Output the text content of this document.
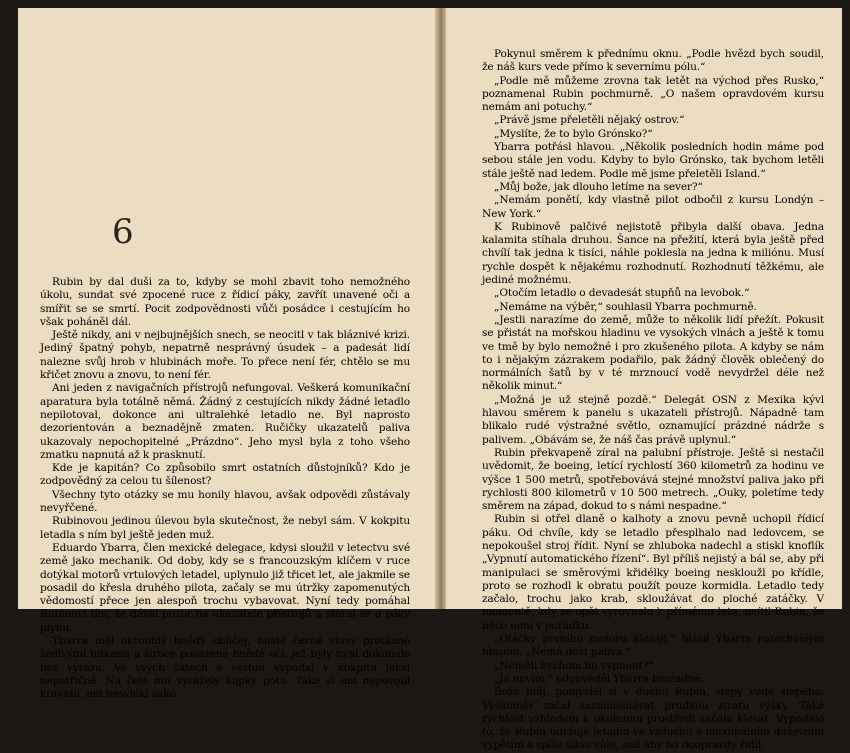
6

Rubin by dal duši za to, kdyby se mohl zbavit toho nemožného úkolu, sundat své zpocené ruce z řídicí páky, zavřít unavené oči a smířit se se smrtí. Pocit zodpovědnosti vůči posádce i cestujícím ho však poháněl dál.

Ještě nikdy, ani v nejbujnějších snech, se neocitl v tak bláznivé krizi. Jediný špatný pohyb, nepatrně nesprávný úsudek – a padesát lidí nalezne svůj hrob v hlubinách moře. To přece není fér, chtělo se mu křičet znovu a znovu, to není fér.

Ani jeden z navigačních přístrojů nefungoval. Veškerá komunikační aparatura byla totálně němá. Žádný z cestujících nikdy žádné letadlo nepilotoval, dokonce ani ultralehké letadlo ne. Byl naprosto dezorientován a beznadějně zmaten. Ručičky ukazatelů paliva ukazovaly nepochopitelné „Prázdno“. Jeho mysl byla z toho všeho zmatku napnutá až k prasknutí.

Kde je kapitán? Co způsobilo smrt ostatních důstojníků? Kdo je zodpovědný za celou tu šílenost?

Všechny tyto otázky se mu honily hlavou, avšak odpovědi zůstávaly nevyřčené.

Rubinovou jedinou úlevou byla skutečnost, že nebyl sám. V kokpitu letadla s ním byl ještě jeden muž.

Eduardo Ybarra, člen mexické delegace, kdysi sloužil v letectvu své země jako mechanik. Od doby, kdy se s francouzským klíčem v ruce dotýkal motorů vrtulových letadel, uplynulo již třicet let, ale jakmile se posadil do křesla druhého pilota, začaly se mu útržky zapomenutých vědomostí přece jen alespoň trochu vybavovat. Nyní tedy pomáhal Rubinovi tím, že dával pozor na ukazatele přístrojů a staral se o páky plynu.

Ybarra měl okrouhlý hnědý obličej, husté černé vlasy protkané šedivými nitkami a široce posazené hnědé oči, jež byly nyní dokonale bez výrazu. Ve svých šatech s vestou vypadal v kokpitu jaksi nepatřičně. Na čele mu vyrážely kapky potu. Také si ani nepovolil kravatu, ani nesvlékl sako.

Pokynul směrem k přednímu oknu. „Podle hvězd bych soudil, že náš kurs vede přímo k severnímu pólu.“

„Podle mě můžeme zrovna tak letět na východ přes Rusko,“ poznamenal Rubin pochmurně. „O našem opravdovém kursu nemám ani potuchy.“

„Právě jsme přeletěli nějaký ostrov.“

„Myslíte, že to bylo Grónsko?“

Ybarra potřásl hlavou. „Několik posledních hodin máme pod sebou stále jen vodu. Kdyby to bylo Grónsko, tak bychom letěli stále ještě nad ledem. Podle mě jsme přeletěli Island.“

„Můj bože, jak dlouho letíme na sever?“

„Nemám ponětí, kdy vlastně pilot odbočil z kursu Londýn – New York.“

K Rubinově palčivé nejistotě přibyla další obava. Jedna kalamita stíhala druhou. Šance na přežití, která byla ještě před chvílí tak jedna k tisíci, náhle poklesla na jedna k miliónu. Musí rychle dospět k nějakému rozhodnutí. Rozhodnutí těžkému, ale jediné možnému.

„Otočím letadlo o devadesát stupňů na levobok.“

„Nemáme na výběr,“ souhlasil Ybarra pochmurně.

„Jestli narazíme do země, může to několik lidí přežít. Pokusit se přistát na mořskou hladinu ve vysokých vlnách a ještě k tomu ve tmě by bylo nemožné i pro zkušeného pilota. A kdyby se nám to i nějakým zázrakem podařilo, pak žádný člověk oblečený do normálních šatů by v té mrznoucí vodě nevydržel déle než několik minut.“

„Možná je už stejně pozdě.“ Delegát OSN z Mexika kývl hlavou směrem k panelu s ukazateli přístrojů. Nápadně tam blikalo rudé výstražné světlo, oznamující prázdné nádrže s palivem. „Obávám se, že náš čas právě uplynul.“

Rubin překvapeně zíral na palubní přístroje. Ještě si nestačil uvědomit, že boeing, letící rychlostí 360 kilometrů za hodinu ve výšce 1 500 metrů, spotřebovává stejné množství paliva jako při rychlosti 800 kilometrů v 10 500 metrech. „Ouky, poletíme tedy směrem na západ, dokud to s námi nespadne.“

Rubin si otřel dlaně o kalhoty a znovu pevně uchopil řídicí páku. Od chvíle, kdy se letadlo přesplhalo nad ledovcem, se nepokoušel stroj řídit. Nyní se zhluboka nadechl a stiskl knoflík „Vypnutí automatického řízení“. Byl příliš nejistý a bál se, aby při manipulaci se směrovými křidélky boeing neskloužl po křídle, proto se rozhodl k obratu použít pouze kormidla. Letadlo tedy začalo, trochu jako krab, skloužávat do ploché zatáčky. V momentě, kdy se opět vyrovnalo k přímému letu, ucítil Rubin, že něco není v pořádku.

„Otáčky prvního motoru klesají,“ hlásil Ybarra rozechvělým hlasem. „Nemá dost paliva.“

„Neměli bychom ho vypnout?“

„Já nevím,“ odpověděl Ybarra bezradně.

Bože můj, pomyslel si v duchu Rubin, slepý vede slepého. Výškoměr začal zaznamenávat prudkou ztrátu výšky. Také rychlost vzhledem k okolnímu prostředí začala klesat. Vypadalo to, že Rubin udržuje letadlo ve vzduchu s maximálním duševním vypětím a spíše silou vůle, než aby ho doopravdy řídil.
